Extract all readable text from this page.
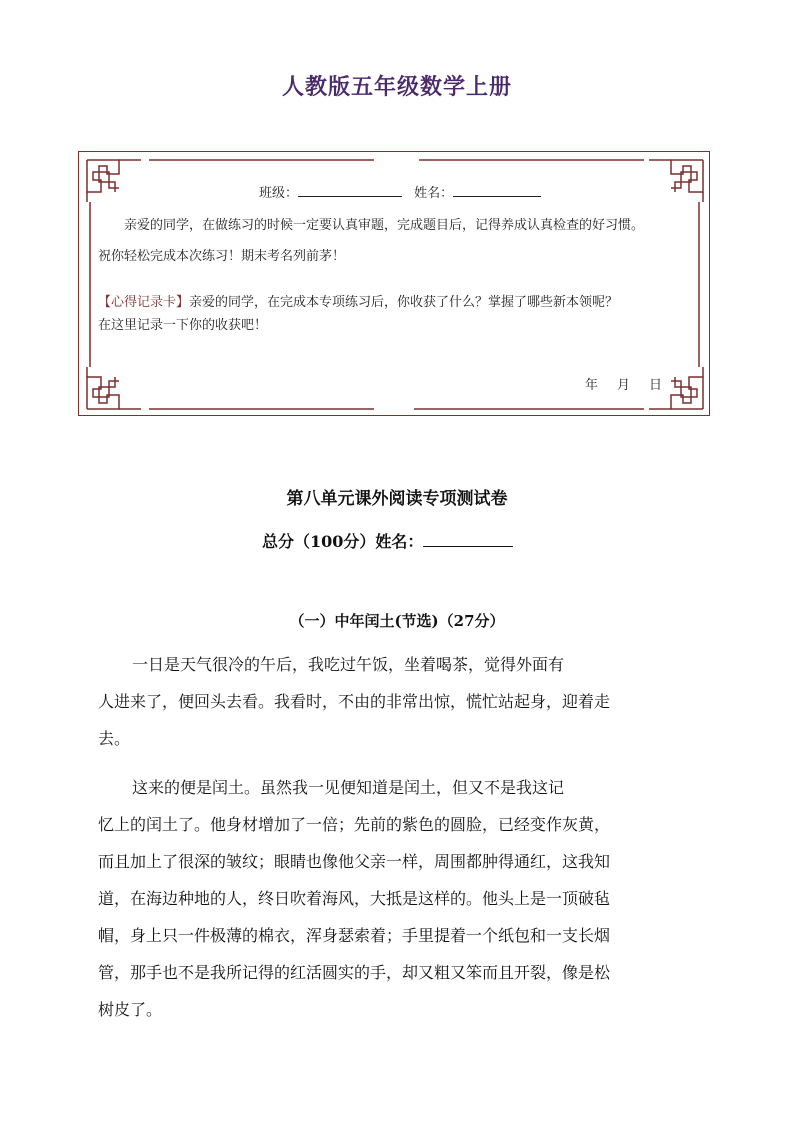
人教版五年级数学上册
班级：	姓名：
亲爱的同学，在做练习的时候一定要认真审题，完成题目后，记得养成认真检查的好习惯。
祝你轻松完成本次练习！期末考名列前茅！
【心得记录卡】亲爱的同学，在完成本专项练习后，你收获了什么？掌握了哪些新本领呢？
在这里记录一下你的收获吧！
年 月 日
第八单元课外阅读专项测试卷
总分（100分）姓名：
（一）中年闰土(节选)（27分）

一日是天气很冷的午后，我吃过午饭，坐着喝茶，觉得外面有

人进来了，便回头去看。我看时，不由的非常出惊，慌忙站起身，迎着走

去。

这来的便是闰土。虽然我一见便知道是闰土，但又不是我这记

忆上的闰土了。他身材增加了一倍；先前的紫色的圆脸，已经变作灰黄，

而且加上了很深的皱纹；眼睛也像他父亲一样，周围都肿得通红，这我知

道，在海边种地的人，终日吹着海风，大抵是这样的。他头上是一顶破毡

帽，身上只一件极薄的棉衣，浑身瑟索着；手里提着一个纸包和一支长烟

管，那手也不是我所记得的红活圆实的手，却又粗又笨而且开裂，像是松

树皮了。
